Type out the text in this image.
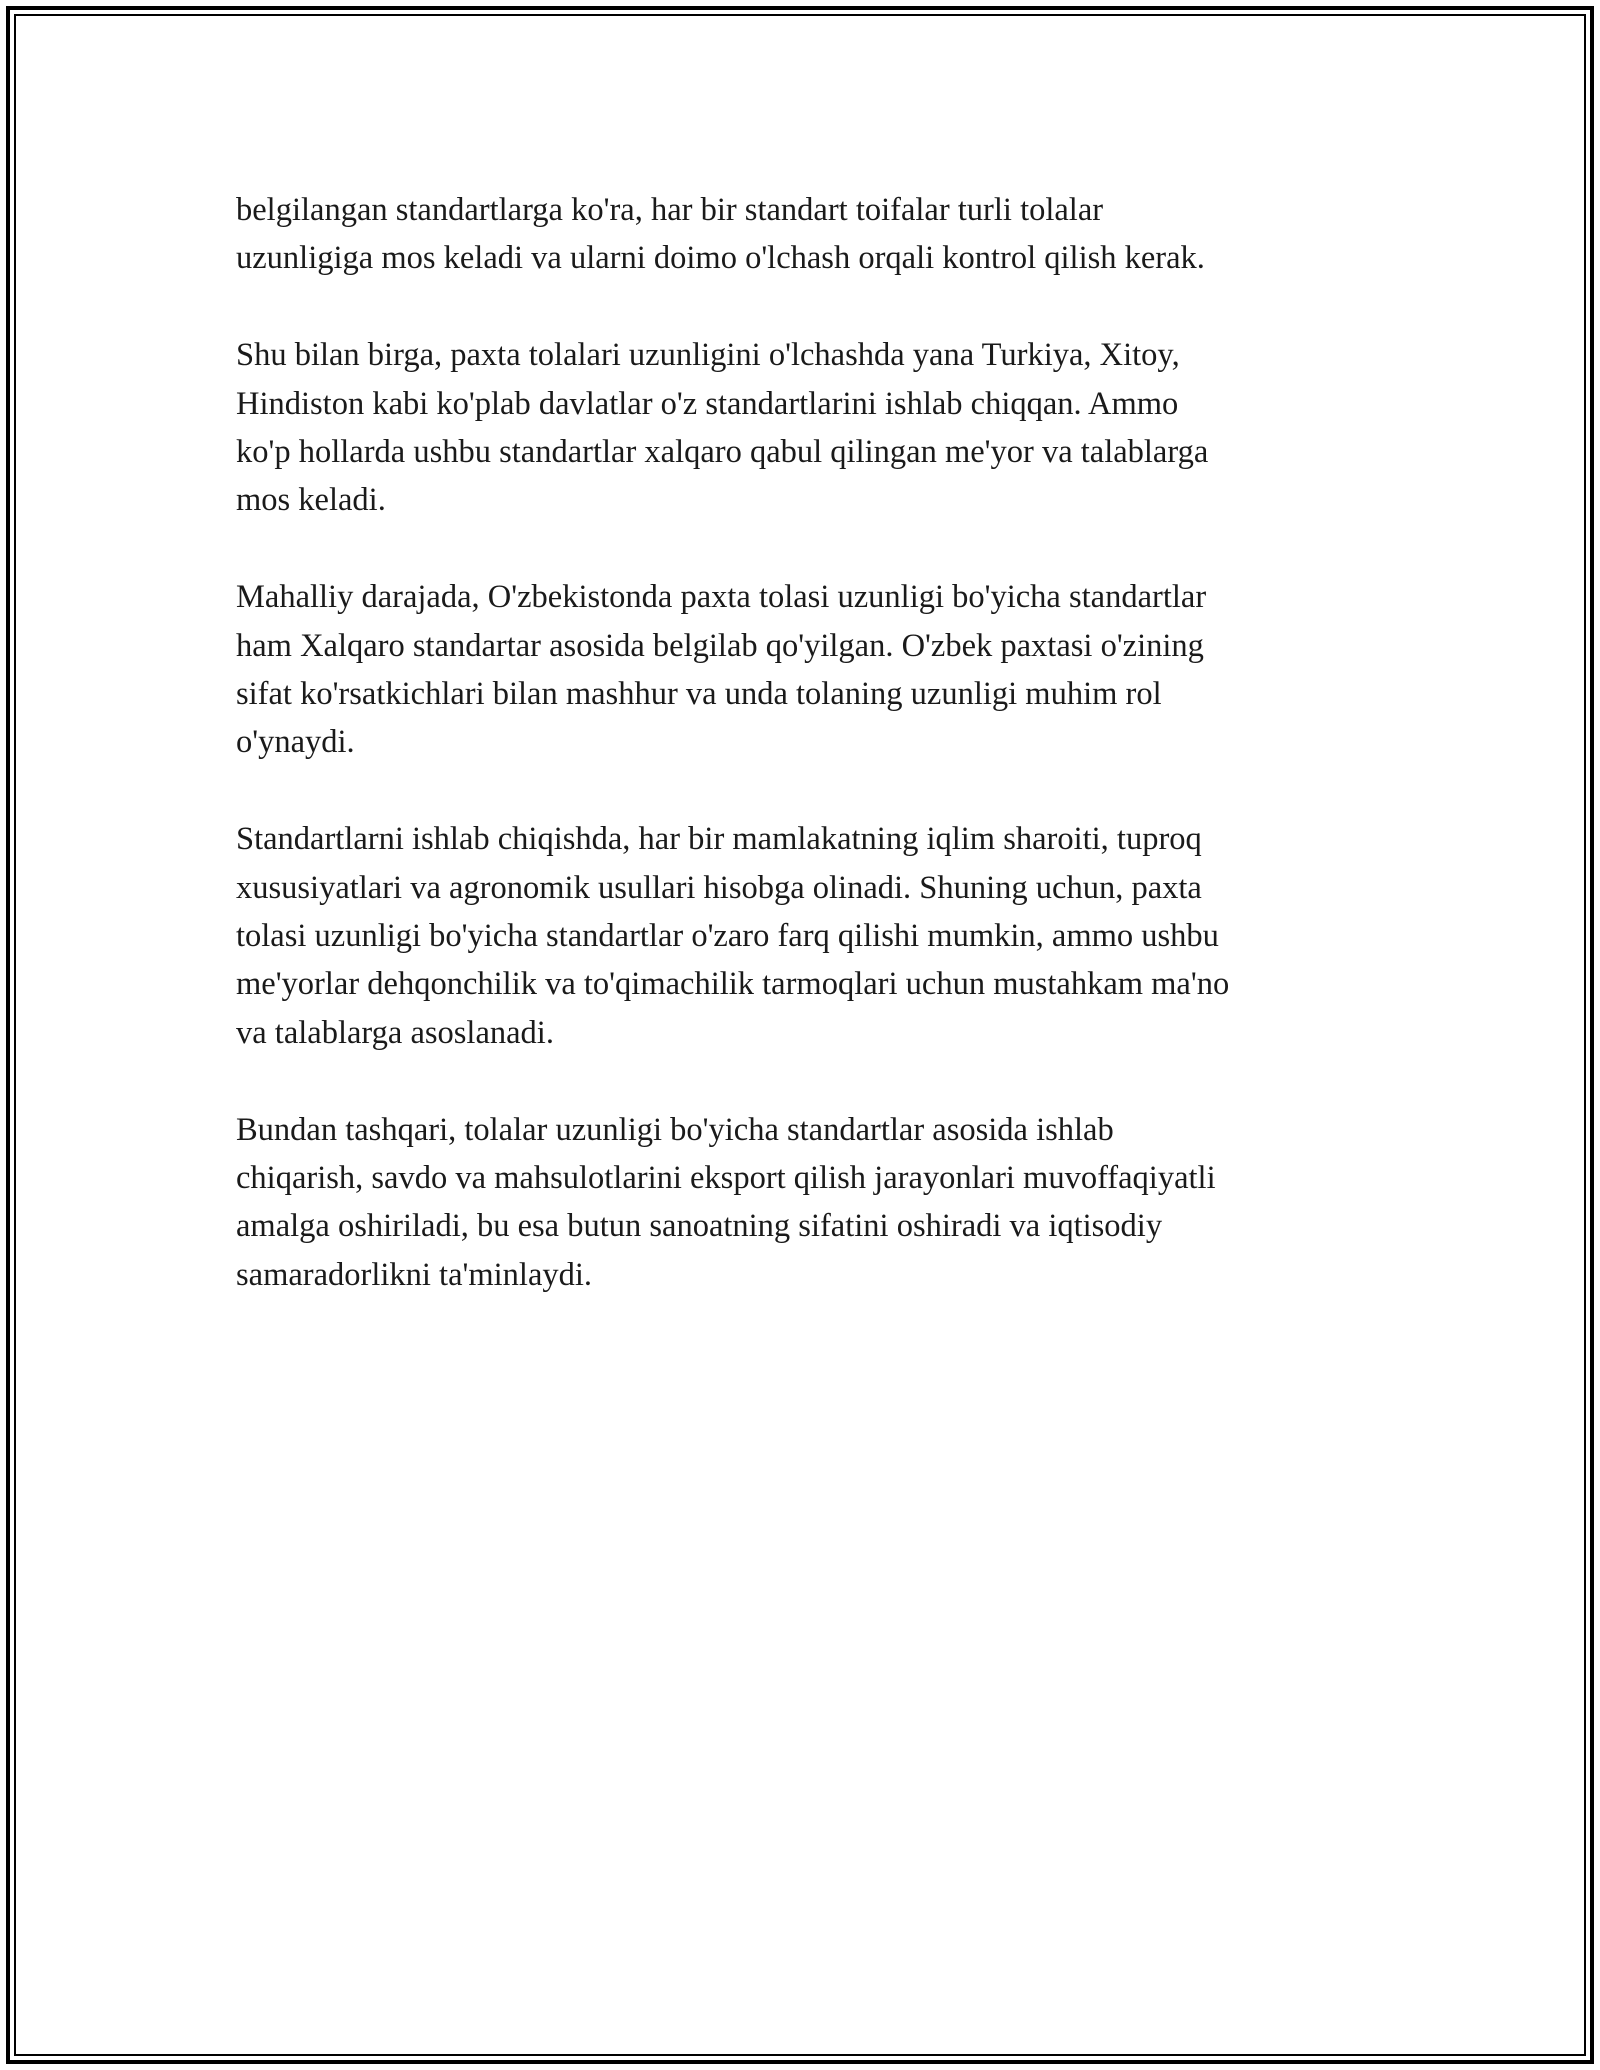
belgilangan standartlarga ko'ra, har bir standart toifalar turli tolalar
uzunligiga mos keladi va ularni doimo o'lchash orqali kontrol qilish kerak.

Shu bilan birga, paxta tolalari uzunligini o'lchashda yana Turkiya, Xitoy,
Hindiston kabi ko'plab davlatlar o'z standartlarini ishlab chiqqan. Ammo
ko'p hollarda ushbu standartlar xalqaro qabul qilingan me'yor va talablarga
mos keladi.

Mahalliy darajada, O'zbekistonda paxta tolasi uzunligi bo'yicha standartlar
ham Xalqaro standartar asosida belgilab qo'yilgan. O'zbek paxtasi o'zining
sifat ko'rsatkichlari bilan mashhur va unda tolaning uzunligi muhim rol
o'ynaydi.

Standartlarni ishlab chiqishda, har bir mamlakatning iqlim sharoiti, tuproq
xususiyatlari va agronomik usullari hisobga olinadi. Shuning uchun, paxta
tolasi uzunligi bo'yicha standartlar o'zaro farq qilishi mumkin, ammo ushbu
me'yorlar dehqonchilik va to'qimachilik tarmoqlari uchun mustahkam ma'no
va talablarga asoslanadi.

Bundan tashqari, tolalar uzunligi bo'yicha standartlar asosida ishlab
chiqarish, savdo va mahsulotlarini eksport qilish jarayonlari muvoffaqiyatli
amalga oshiriladi, bu esa butun sanoatning sifatini oshiradi va iqtisodiy
samaradorlikni ta'minlaydi.
